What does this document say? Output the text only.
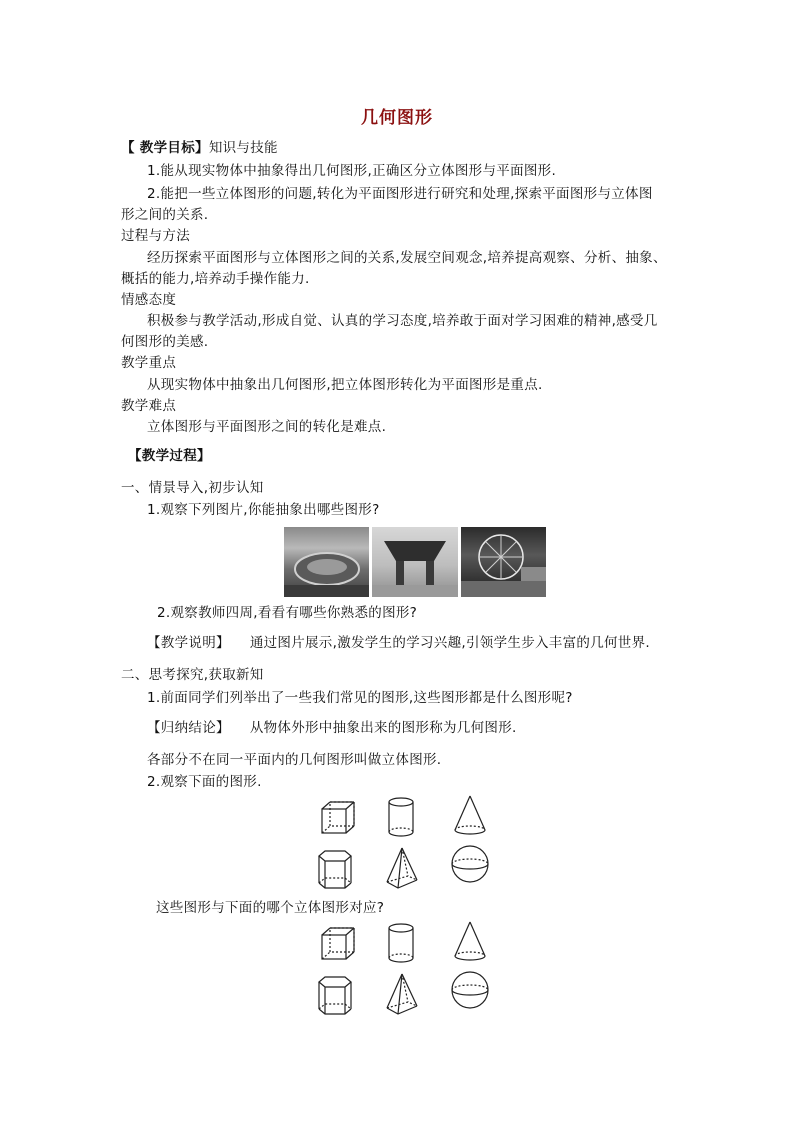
几何图形
【 教学目标】知识与技能
1.能从现实物体中抽象得出几何图形,正确区分立体图形与平面图形.
2.能把一些立体图形的问题,转化为平面图形进行研究和处理,探索平面图形与立体图
形之间的关系.
过程与方法
经历探索平面图形与立体图形之间的关系,发展空间观念,培养提高观察、分析、抽象、
概括的能力,培养动手操作能力.
情感态度
积极参与教学活动,形成自觉、认真的学习态度,培养敢于面对学习困难的精神,感受几
何图形的美感.
教学重点
从现实物体中抽象出几何图形,把立体图形转化为平面图形是重点.
教学难点
立体图形与平面图形之间的转化是难点.
【教学过程】
一、情景导入,初步认知
1.观察下列图片,你能抽象出哪些图形?
2.观察教师四周,看看有哪些你熟悉的图形?
【教学说明】 通过图片展示,激发学生的学习兴趣,引领学生步入丰富的几何世界.
二、思考探究,获取新知
1.前面同学们列举出了一些我们常见的图形,这些图形都是什么图形呢?
【归纳结论】 从物体外形中抽象出来的图形称为几何图形.
各部分不在同一平面内的几何图形叫做立体图形.
2.观察下面的图形.
这些图形与下面的哪个立体图形对应?
